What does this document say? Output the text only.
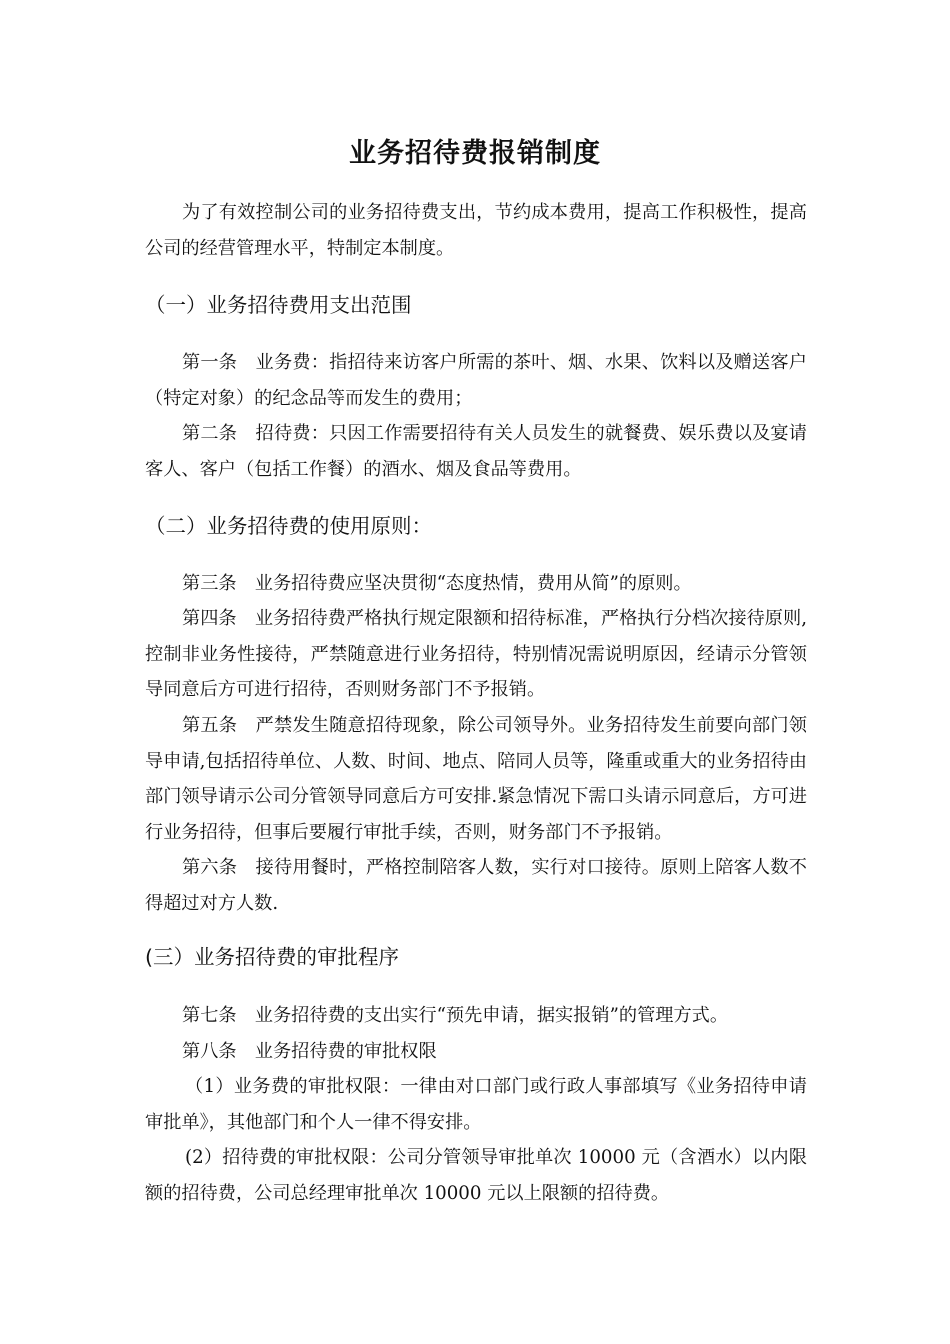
业务招待费报销制度
为了有效控制公司的业务招待费支出，节约成本费用，提高工作积极性，提高公司的经营管理水平，特制定本制度。
（一）业务招待费用支出范围
第一条　业务费：指招待来访客户所需的茶叶、烟、水果、饮料以及赠送客户（特定对象）的纪念品等而发生的费用；
第二条　招待费：只因工作需要招待有关人员发生的就餐费、娱乐费以及宴请客人、客户（包括工作餐）的酒水、烟及食品等费用。
（二）业务招待费的使用原则：
第三条　业务招待费应坚决贯彻“态度热情，费用从简”的原则。
第四条　业务招待费严格执行规定限额和招待标准，严格执行分档次接待原则,控制非业务性接待，严禁随意进行业务招待，特别情况需说明原因，经请示分管领导同意后方可进行招待，否则财务部门不予报销。
第五条　严禁发生随意招待现象，除公司领导外。业务招待发生前要向部门领导申请,包括招待单位、人数、时间、地点、陪同人员等，隆重或重大的业务招待由部门领导请示公司分管领导同意后方可安排.紧急情况下需口头请示同意后，方可进行业务招待，但事后要履行审批手续，否则，财务部门不予报销。
第六条　接待用餐时，严格控制陪客人数，实行对口接待。原则上陪客人数不得超过对方人数.
(三）业务招待费的审批程序
第七条　业务招待费的支出实行“预先申请，据实报销”的管理方式。
第八条　业务招待费的审批权限
（1）业务费的审批权限：一律由对口部门或行政人事部填写《业务招待申请审批单》，其他部门和个人一律不得安排。
(2）招待费的审批权限：公司分管领导审批单次 10000 元（含酒水）以内限额的招待费，公司总经理审批单次 10000 元以上限额的招待费。
